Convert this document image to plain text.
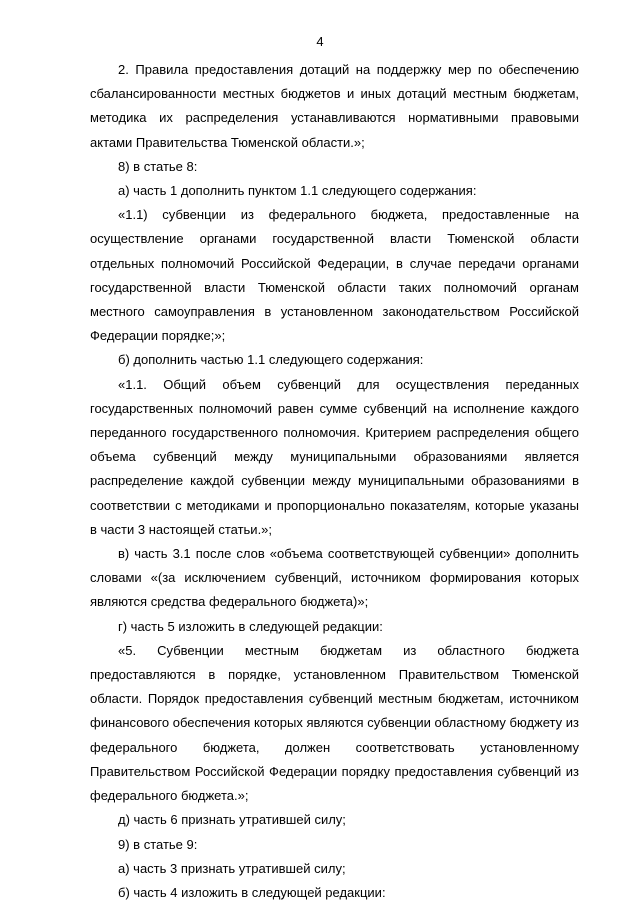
4

2. Правила предоставления дотаций на поддержку мер по обеспечению сбалансированности местных бюджетов и иных дотаций местным бюджетам, методика их распределения устанавливаются нормативными правовыми актами Правительства Тюменской области.»;

8) в статье 8:

а) часть 1 дополнить пунктом 1.1 следующего содержания:

«1.1) субвенции из федерального бюджета, предоставленные на осуществление органами государственной власти Тюменской области отдельных полномочий Российской Федерации, в случае передачи органами государственной власти Тюменской области таких полномочий органам местного самоуправления в установленном законодательством Российской Федерации порядке;»;

б) дополнить частью 1.1 следующего содержания:

«1.1. Общий объем субвенций для осуществления переданных государственных полномочий равен сумме субвенций на исполнение каждого переданного государственного полномочия. Критерием распределения общего объема субвенций между муниципальными образованиями является распределение каждой субвенции между муниципальными образованиями в соответствии с методиками и пропорционально показателям, которые указаны в части 3 настоящей статьи.»;

в) часть 3.1 после слов «объема соответствующей субвенции» дополнить словами «(за исключением субвенций, источником формирования которых являются средства федерального бюджета)»;

г) часть 5 изложить в следующей редакции:

«5. Субвенции местным бюджетам из областного бюджета предоставляются в порядке, установленном Правительством Тюменской области. Порядок предоставления субвенций местным бюджетам, источником финансового обеспечения которых являются субвенции областному бюджету из федерального бюджета, должен соответствовать установленному Правительством Российской Федерации порядку предоставления субвенций из федерального бюджета.»;

д) часть 6 признать утратившей силу;

9) в статье 9:

а) часть 3 признать утратившей силу;

б) часть 4 изложить в следующей редакции:
